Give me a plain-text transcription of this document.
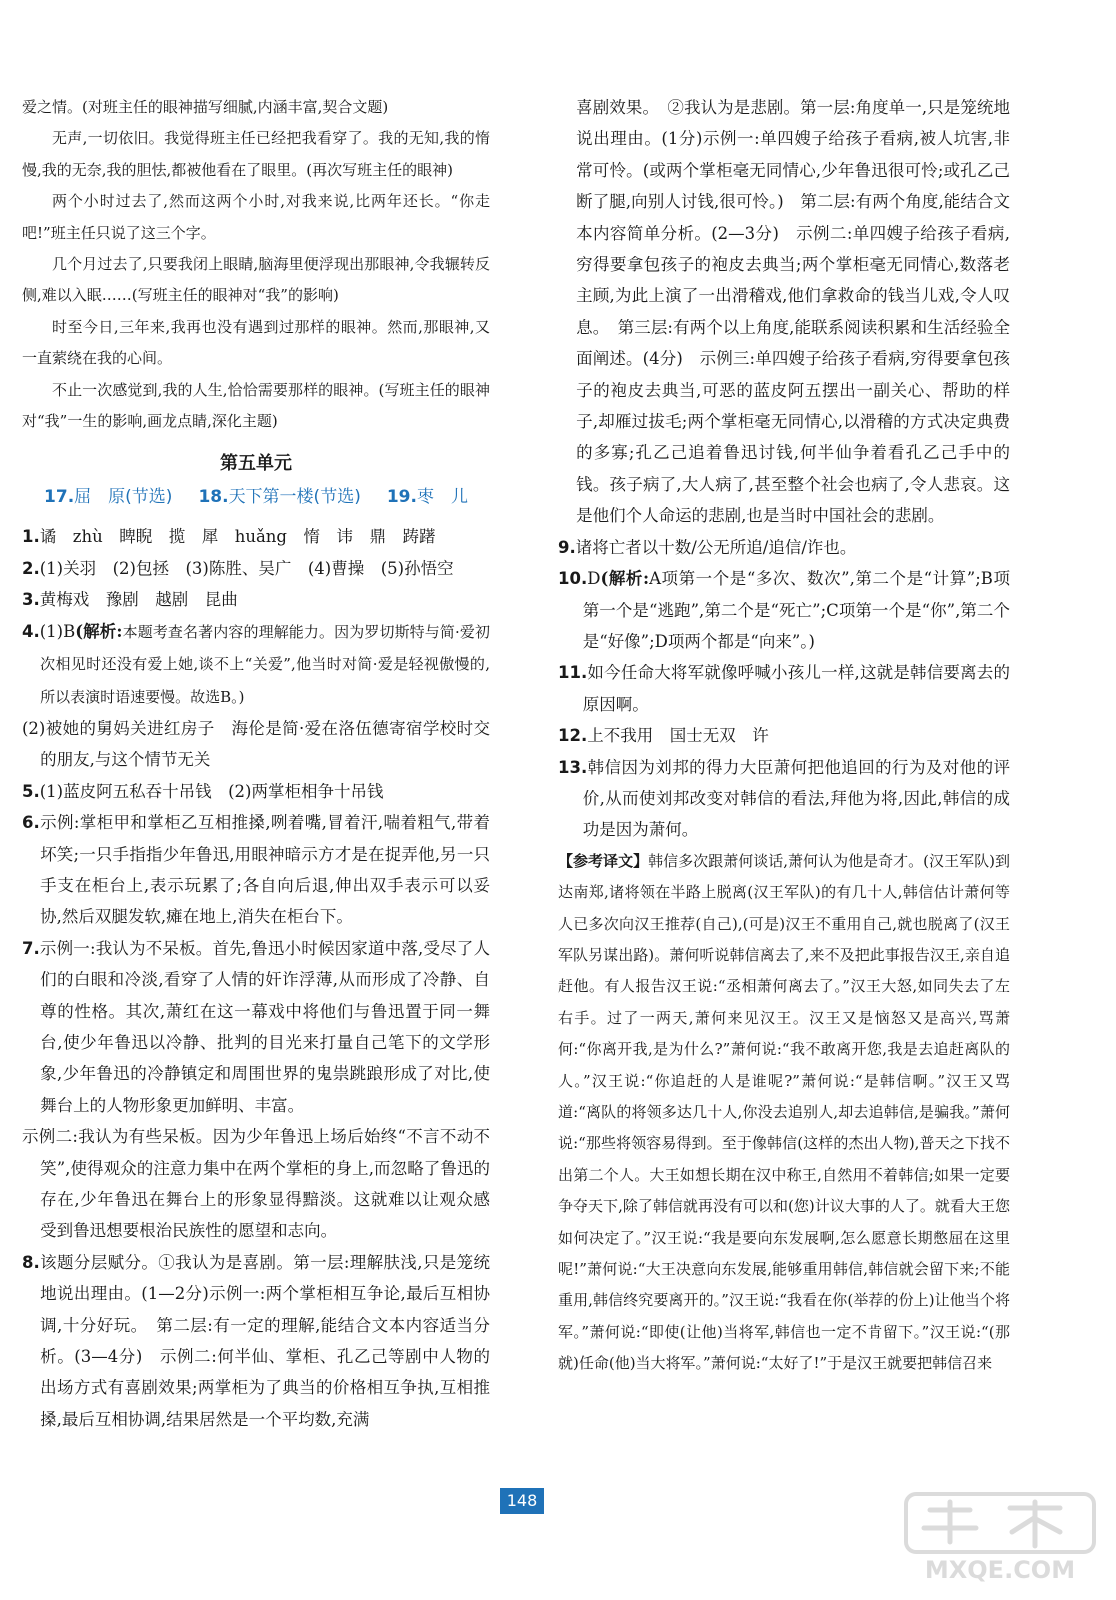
爱之情。(对班主任的眼神描写细腻,内涵丰富,契合文题)

无声,一切依旧。我觉得班主任已经把我看穿了。我的无知,我的惰慢,我的无奈,我的胆怯,都被他看在了眼里。(再次写班主任的眼神)

两个小时过去了,然而这两个小时,对我来说,比两年还长。“你走吧!”班主任只说了这三个字。

几个月过去了,只要我闭上眼睛,脑海里便浮现出那眼神,令我辗转反侧,难以入眠……(写班主任的眼神对“我”的影响)

时至今日,三年来,我再也没有遇到过那样的眼神。然而,那眼神,又一直萦绕在我的心间。

不止一次感觉到,我的人生,恰恰需要那样的眼神。(写班主任的眼神对“我”一生的影响,画龙点睛,深化主题)

第五单元
17.屈　原(节选) 18.天下第一楼(节选) 19.枣　儿

1.谲　zhù　睥睨　揽　犀　huǎng　惰　讳　鼎　踌躇

2.(1)关羽　(2)包拯　(3)陈胜、吴广　(4)曹操　(5)孙悟空

3.黄梅戏　豫剧　越剧　昆曲

4.(1)B(解析:本题考查名著内容的理解能力。因为罗切斯特与简·爱初次相见时还没有爱上她,谈不上“关爱”,他当时对简·爱是轻视傲慢的,所以表演时语速要慢。故选B。)

(2)被她的舅妈关进红房子　海伦是简·爱在洛伍德寄宿学校时交的朋友,与这个情节无关

5.(1)蓝皮阿五私吞十吊钱　(2)两掌柜相争十吊钱

6.示例:掌柜甲和掌柜乙互相推搡,咧着嘴,冒着汗,喘着粗气,带着坏笑;一只手指指少年鲁迅,用眼神暗示方才是在捉弄他,另一只手支在柜台上,表示玩累了;各自向后退,伸出双手表示可以妥协,然后双腿发软,瘫在地上,消失在柜台下。

7.示例一:我认为不呆板。首先,鲁迅小时候因家道中落,受尽了人们的白眼和冷淡,看穿了人情的奸诈浮薄,从而形成了冷静、自尊的性格。其次,萧红在这一幕戏中将他们与鲁迅置于同一舞台,使少年鲁迅以冷静、批判的目光来打量自己笔下的文学形象,少年鲁迅的冷静镇定和周围世界的鬼祟跳踉形成了对比,使舞台上的人物形象更加鲜明、丰富。

示例二:我认为有些呆板。因为少年鲁迅上场后始终“不言不动不笑”,使得观众的注意力集中在两个掌柜的身上,而忽略了鲁迅的存在,少年鲁迅在舞台上的形象显得黯淡。这就难以让观众感受到鲁迅想要根治民族性的愿望和志向。

8.该题分层赋分。①我认为是喜剧。第一层:理解肤浅,只是笼统地说出理由。(1—2分)示例一:两个掌柜相互争论,最后互相协调,十分好玩。　第二层:有一定的理解,能结合文本内容适当分析。(3—4分)　示例二:何半仙、掌柜、孔乙己等剧中人物的出场方式有喜剧效果;两掌柜为了典当的价格相互争执,互相推搡,最后互相协调,结果居然是一个平均数,充满

喜剧效果。　②我认为是悲剧。第一层:角度单一,只是笼统地说出理由。(1分)示例一:单四嫂子给孩子看病,被人坑害,非常可怜。(或两个掌柜毫无同情心,少年鲁迅很可怜;或孔乙己断了腿,向别人讨钱,很可怜。)　第二层:有两个角度,能结合文本内容简单分析。(2—3分)　示例二:单四嫂子给孩子看病,穷得要拿包孩子的袍皮去典当;两个掌柜毫无同情心,数落老主顾,为此上演了一出滑稽戏,他们拿救命的钱当儿戏,令人叹息。　第三层:有两个以上角度,能联系阅读积累和生活经验全面阐述。(4分)　示例三:单四嫂子给孩子看病,穷得要拿包孩子的袍皮去典当,可恶的蓝皮阿五摆出一副关心、帮助的样子,却雁过拔毛;两个掌柜毫无同情心,以滑稽的方式决定典费的多寡;孔乙己追着鲁迅讨钱,何半仙争着看孔乙己手中的钱。孩子病了,大人病了,甚至整个社会也病了,令人悲哀。这是他们个人命运的悲剧,也是当时中国社会的悲剧。

9.诸将亡者以十数/公无所追/追信/诈也。

10.D(解析:A项第一个是“多次、数次”,第二个是“计算”;B项第一个是“逃跑”,第二个是“死亡”;C项第一个是“你”,第二个是“好像”;D项两个都是“向来”。)

11.如今任命大将军就像呼喊小孩儿一样,这就是韩信要离去的原因啊。

12.上不我用　国士无双　许

13.韩信因为刘邦的得力大臣萧何把他追回的行为及对他的评价,从而使刘邦改变对韩信的看法,拜他为将,因此,韩信的成功是因为萧何。

【参考译文】韩信多次跟萧何谈话,萧何认为他是奇才。(汉王军队)到达南郑,诸将领在半路上脱离(汉王军队)的有几十人,韩信估计萧何等人已多次向汉王推荐(自己),(可是)汉王不重用自己,就也脱离了(汉王军队另谋出路)。萧何听说韩信离去了,来不及把此事报告汉王,亲自追赶他。有人报告汉王说:“丞相萧何离去了。”汉王大怒,如同失去了左右手。过了一两天,萧何来见汉王。汉王又是恼怒又是高兴,骂萧何:“你离开我,是为什么?”萧何说:“我不敢离开您,我是去追赶离队的人。”汉王说:“你追赶的人是谁呢?”萧何说:“是韩信啊。”汉王又骂道:“离队的将领多达几十人,你没去追别人,却去追韩信,是骗我。”萧何说:“那些将领容易得到。至于像韩信(这样的杰出人物),普天之下找不出第二个人。大王如想长期在汉中称王,自然用不着韩信;如果一定要争夺天下,除了韩信就再没有可以和(您)计议大事的人了。就看大王您如何决定了。”汉王说:“我是要向东发展啊,怎么愿意长期憋屈在这里呢!”萧何说:“大王决意向东发展,能够重用韩信,韩信就会留下来;不能重用,韩信终究要离开的。”汉王说:“我看在你(举荐的份上)让他当个将军。”萧何说:“即使(让他)当将军,韩信也一定不肯留下。”汉王说:“(那就)任命(他)当大将军。”萧何说:“太好了!”于是汉王就要把韩信召来

148
MXQE.COM
